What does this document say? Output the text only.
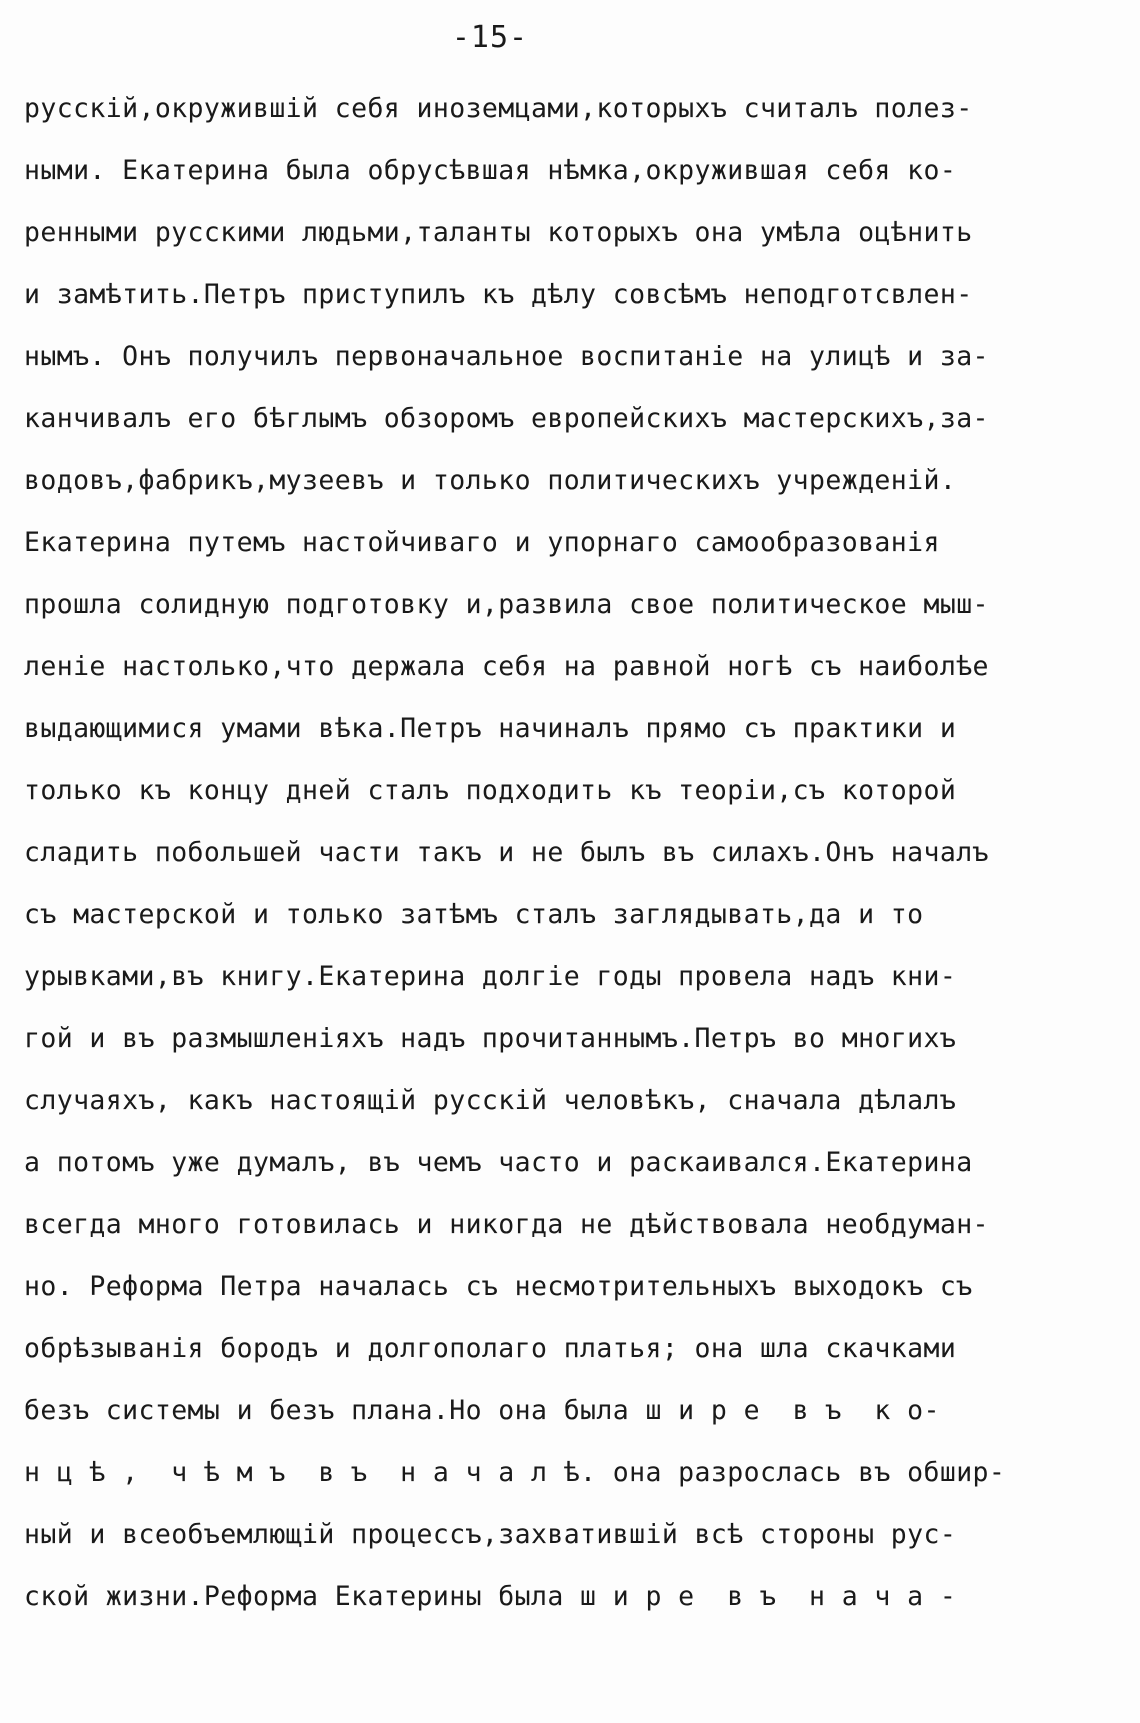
-15-
русскій,окружившій себя иноземцами,которыхъ считалъ полез-
ными. Екатерина была обрусѣвшая нѣмка,окружившая себя ко-
ренными русскими людьми,таланты которыхъ она умѣла оцѣнить
и замѣтить.Петръ приступилъ къ дѣлу совсѣмъ неподготсвлен-
нымъ. Онъ получилъ первоначальное воспитаніе на улицѣ и за-
канчивалъ его бѣглымъ обзоромъ европейскихъ мастерскихъ,за-
водовъ,фабрикъ,музеевъ и только политическихъ учрежденій.
Екатерина путемъ настойчиваго и упорнаго самообразованія
прошла солидную подготовку и,развила свое политическое мыш-
леніе настолько,что держала себя на равной ногѣ съ наиболѣе
выдающимися умами вѣка.Петръ начиналъ прямо съ практики и
только къ концу дней сталъ подходить къ теоріи,съ которой
сладить побольшей части такъ и не былъ въ силахъ.Онъ началъ
съ мастерской и только затѣмъ сталъ заглядывать,да и то
урывками,въ книгу.Екатерина долгіе годы провела надъ кни-
гой и въ размышленіяхъ надъ прочитаннымъ.Петръ во многихъ
случаяхъ, какъ настоящій русскій человѣкъ, сначала дѣлалъ
а потомъ уже думалъ, въ чемъ часто и раскаивался.Екатерина
всегда много готовилась и никогда не дѣйствовала необдуман-
но. Реформа Петра началась съ несмотрительныхъ выходокъ съ
обрѣзыванія бородъ и долгополаго платья; она шла скачками
безъ системы и безъ плана.Но она была ш и р е  в ъ  к о-
н ц ѣ ,  ч ѣ м ъ  в ъ  н а ч а л ѣ. она разрослась въ обшир-
ный и всеобъемлющій процессъ,захватившій всѣ стороны рус-
ской жизни.Реформа Екатерины была ш и р е  в ъ  н а ч а -
